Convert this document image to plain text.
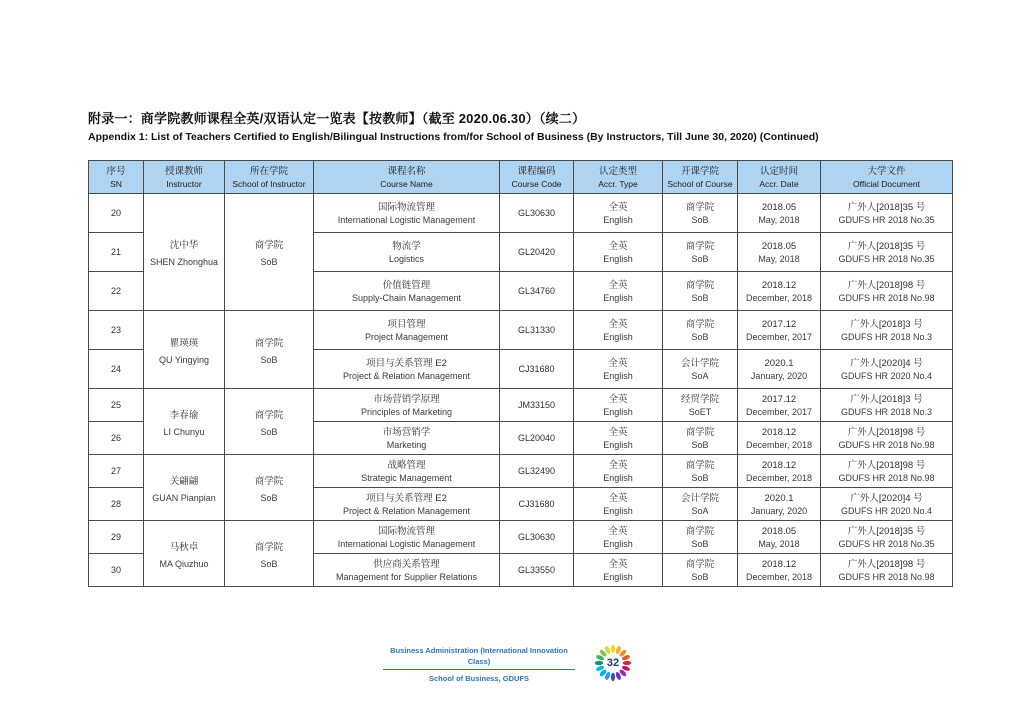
附录一：商学院教师课程全英/双语认定一览表【按教师】（截至 2020.06.30）（续二）
Appendix 1: List of Teachers Certified to English/Bilingual Instructions from/for School of Business (By Instructors, Till June 30, 2020) (Continued)
序号
SN	授课教师
Instructor	所在学院
School of Instructor	课程名称
Course Name	课程编码
Course Code	认定类型
Accr. Type	开课学院
School of Course	认定时间
Accr. Date	大学文件
Official Document

20	沈中华
SHEN Zhonghua	商学院
SoB	国际物流管理
International Logistic Management	GL30630	全英
English	商学院
SoB	2018.05
May, 2018	广外人[2018]35 号
GDUFS HR 2018 No.35

21			物流学
Logistics	GL20420	全英
English	商学院
SoB	2018.05
May, 2018	广外人[2018]35 号
GDUFS HR 2018 No.35

22			价值链管理
Supply-Chain Management	GL34760	全英
English	商学院
SoB	2018.12
December, 2018	广外人[2018]98 号
GDUFS HR 2018 No.98

23	瞿瑛瑛
QU Yingying	商学院
SoB	项目管理
Project Management	GL31330	全英
English	商学院
SoB	2017.12
December, 2017	广外人[2018]3 号
GDUFS HR 2018 No.3

24			项目与关系管理 E2
Project & Relation Management	CJ31680	全英
English	会计学院
SoA	2020.1
January, 2020	广外人[2020]4 号
GDUFS HR 2020 No.4

25	李春瑜
LI Chunyu	商学院
SoB	市场营销学原理
Principles of Marketing	JM33150	全英
English	经贸学院
SoET	2017.12
December, 2017	广外人[2018]3 号
GDUFS HR 2018 No.3

26			市场营销学
Marketing	GL20040	全英
English	商学院
SoB	2018.12
December, 2018	广外人[2018]98 号
GDUFS HR 2018 No.98

27	关翩翩
GUAN Pianpian	商学院
SoB	战略管理
Strategic Management	GL32490	全英
English	商学院
SoB	2018.12
December, 2018	广外人[2018]98 号
GDUFS HR 2018 No.98

28			项目与关系管理 E2
Project & Relation Management	CJ31680	全英
English	会计学院
SoA	2020.1
January, 2020	广外人[2020]4 号
GDUFS HR 2020 No.4

29	马秋卓
MA Qiuzhuo	商学院
SoB	国际物流管理
International Logistic Management	GL30630	全英
English	商学院
SoB	2018.05
May, 2018	广外人[2018]35 号
GDUFS HR 2018 No.35

30			供应商关系管理
Management for Supplier Relations	GL33550	全英
English	商学院
SoB	2018.12
December, 2018	广外人[2018]98 号
GDUFS HR 2018 No.98
Business Administration (International Innovation Class)
School of Business, GDUFS
32
